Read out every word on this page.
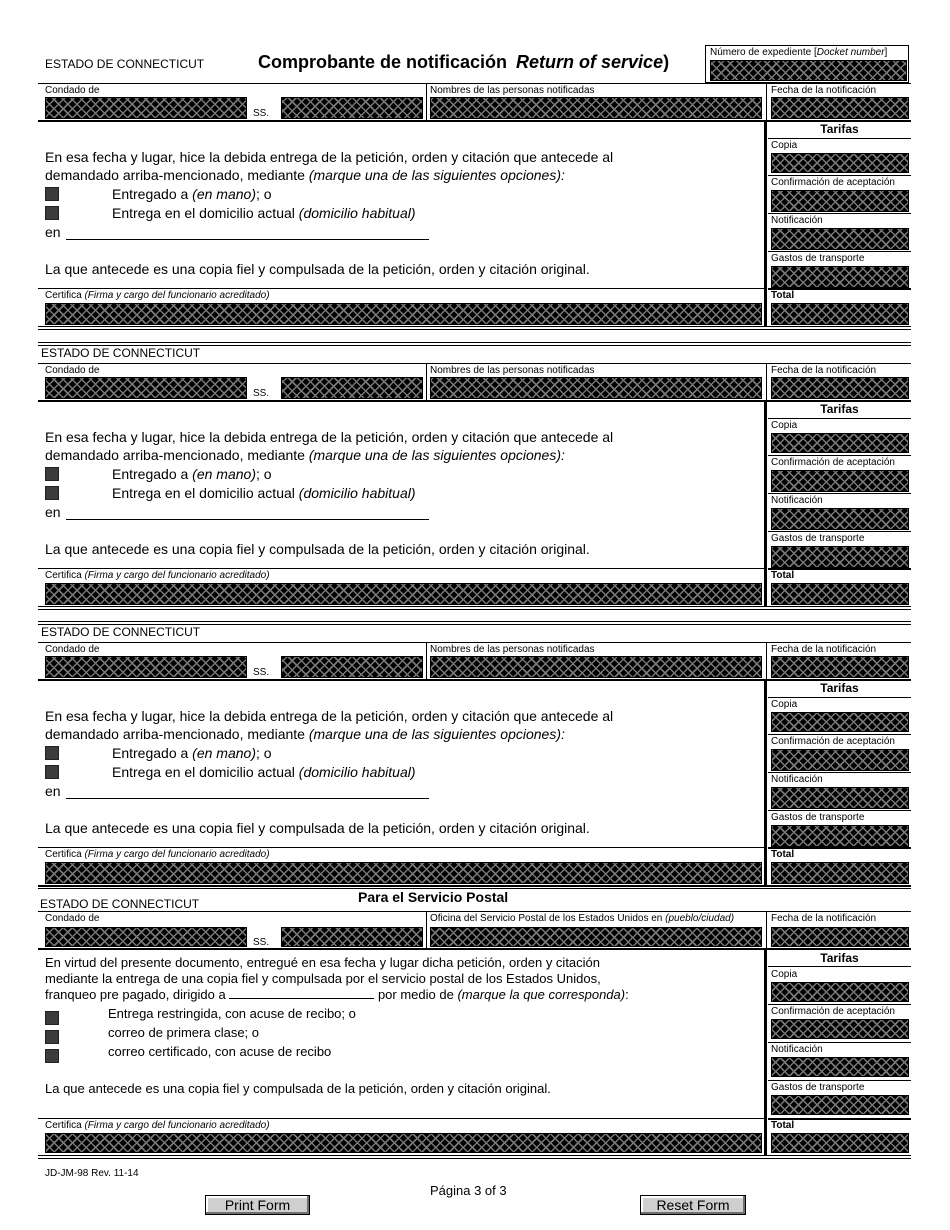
ESTADO DE CONNECTICUT	Comprobante de notificación Return of service)	Número de expediente [Docket number]
Condado de
SS.
Nombres de las personas notificadas	Fecha de la notificación
En esa fecha y lugar, hice la debida entrega de la petición, orden y citación que antecede al
demandado arriba-mencionado, mediante (marque una de las siguientes opciones):
Entregado a (en mano); o
Entrega en el domicilio actual (domicilio habitual)
en
La que antecede es una copia fiel y compulsada de la petición, orden y citación original.
Tarifas
Copia
Confirmación de aceptación
Notificación
Gastos de transporte
Certifica (Firma y cargo del funcionario acreditado)	Total
ESTADO DE CONNECTICUT
Condado de
SS.
Nombres de las personas notificadas	Fecha de la notificación
En esa fecha y lugar, hice la debida entrega de la petición, orden y citación que antecede al
demandado arriba-mencionado, mediante (marque una de las siguientes opciones):
Entregado a (en mano); o
Entrega en el domicilio actual (domicilio habitual)
en
La que antecede es una copia fiel y compulsada de la petición, orden y citación original.
Tarifas
Copia
Confirmación de aceptación
Notificación
Gastos de transporte
Certifica (Firma y cargo del funcionario acreditado)	Total
ESTADO DE CONNECTICUT
Condado de
SS.
Nombres de las personas notificadas	Fecha de la notificación
En esa fecha y lugar, hice la debida entrega de la petición, orden y citación que antecede al
demandado arriba-mencionado, mediante (marque una de las siguientes opciones):
Entregado a (en mano); o
Entrega en el domicilio actual (domicilio habitual)
en
La que antecede es una copia fiel y compulsada de la petición, orden y citación original.
Tarifas
Copia
Confirmación de aceptación
Notificación
Gastos de transporte
Certifica (Firma y cargo del funcionario acreditado)	Total
Para el Servicio Postal
ESTADO DE CONNECTICUT
Condado de
SS.
Oficina del Servicio Postal de los Estados Unidos en (pueblo/ciudad)	Fecha de la notificación
En virtud del presente documento, entregué en esa fecha y lugar dicha petición, orden y citación
mediante la entrega de una copia fiel y compulsada por el servicio postal de los Estados Unidos,
franqueo pre pagado, dirigido a	por medio de (marque la que corresponda):
Entrega restringida, con acuse de recibo; o
correo de primera clase; o
correo certificado, con acuse de recibo
La que antecede es una copia fiel y compulsada de la petición, orden y citación original.
Tarifas
Copia
Confirmación de aceptación
Notificación
Gastos de transporte
Certifica (Firma y cargo del funcionario acreditado)	Total
JD-JM-98 Rev. 11-14
Página 3 of 3
Print Form	Reset Form
